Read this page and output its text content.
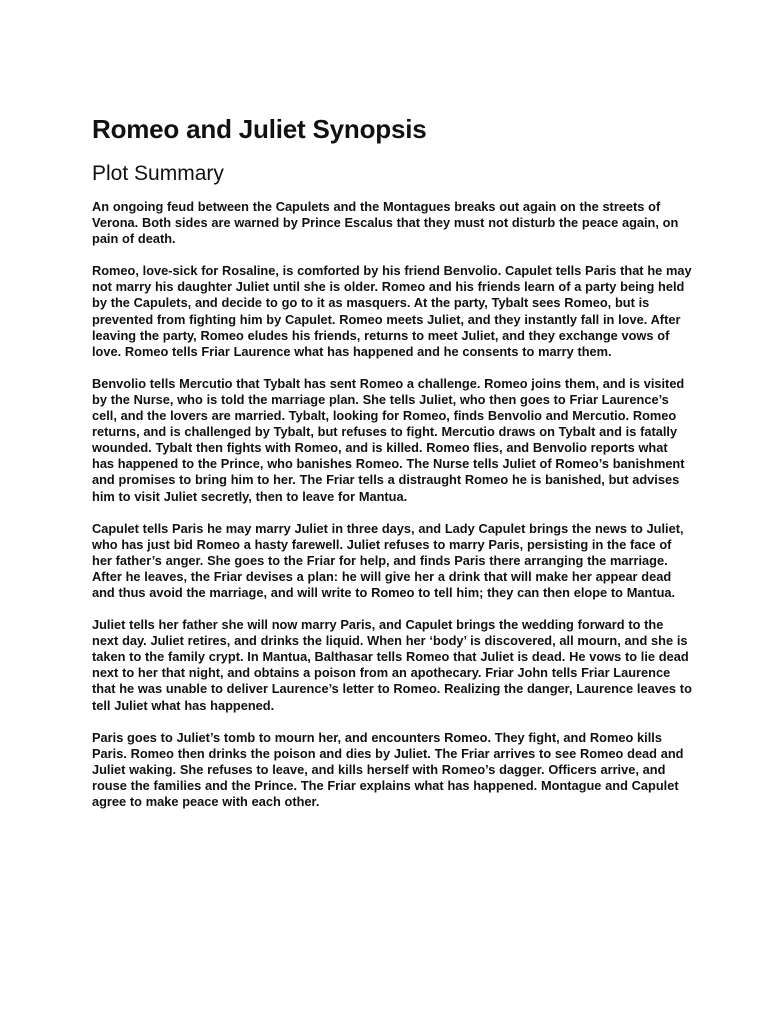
Romeo and Juliet Synopsis
Plot Summary

An ongoing feud between the Capulets and the Montagues breaks out again on the streets of Verona. Both sides are warned by Prince Escalus that they must not disturb the peace again, on pain of death.

Romeo, love-sick for Rosaline, is comforted by his friend Benvolio. Capulet tells Paris that he may not marry his daughter Juliet until she is older. Romeo and his friends learn of a party being held by the Capulets, and decide to go to it as masquers. At the party, Tybalt sees Romeo, but is prevented from fighting him by Capulet. Romeo meets Juliet, and they instantly fall in love. After leaving the party, Romeo eludes his friends, returns to meet Juliet, and they exchange vows of love. Romeo tells Friar Laurence what has happened and he consents to marry them.

Benvolio tells Mercutio that Tybalt has sent Romeo a challenge. Romeo joins them, and is visited by the Nurse, who is told the marriage plan. She tells Juliet, who then goes to Friar Laurence’s cell, and the lovers are married. Tybalt, looking for Romeo, finds Benvolio and Mercutio. Romeo returns, and is challenged by Tybalt, but refuses to fight. Mercutio draws on Tybalt and is fatally wounded. Tybalt then fights with Romeo, and is killed. Romeo flies, and Benvolio reports what has happened to the Prince, who banishes Romeo. The Nurse tells Juliet of Romeo’s banishment and promises to bring him to her. The Friar tells a distraught Romeo he is banished, but advises him to visit Juliet secretly, then to leave for Mantua.

Capulet tells Paris he may marry Juliet in three days, and Lady Capulet brings the news to Juliet, who has just bid Romeo a hasty farewell. Juliet refuses to marry Paris, persisting in the face of her father’s anger. She goes to the Friar for help, and finds Paris there arranging the marriage. After he leaves, the Friar devises a plan: he will give her a drink that will make her appear dead and thus avoid the marriage, and will write to Romeo to tell him; they can then elope to Mantua.

Juliet tells her father she will now marry Paris, and Capulet brings the wedding forward to the next day. Juliet retires, and drinks the liquid. When her ‘body’ is discovered, all mourn, and she is taken to the family crypt. In Mantua, Balthasar tells Romeo that Juliet is dead. He vows to lie dead next to her that night, and obtains a poison from an apothecary. Friar John tells Friar Laurence that he was unable to deliver Laurence’s letter to Romeo. Realizing the danger, Laurence leaves to tell Juliet what has happened.

Paris goes to Juliet’s tomb to mourn her, and encounters Romeo. They fight, and Romeo kills Paris. Romeo then drinks the poison and dies by Juliet. The Friar arrives to see Romeo dead and Juliet waking. She refuses to leave, and kills herself with Romeo’s dagger. Officers arrive, and rouse the families and the Prince. The Friar explains what has happened. Montague and Capulet agree to make peace with each other.
